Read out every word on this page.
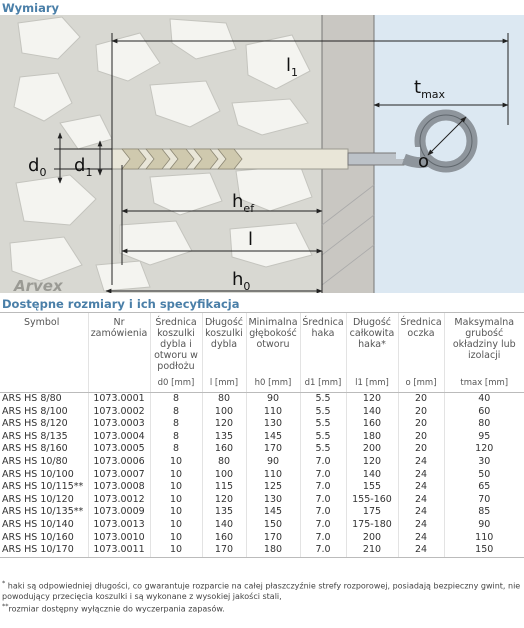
Wymiary
$l_1$
$t_{max}$
$d_0$ $d_1$
o
$h_{ef}$
l
$h_0$
Arvex
Dostępne rozmiary i ich specyfikacja
Symbol	Nr zamówienia	Średnica koszulki dybla i otworu w podłożu	Długość koszulki dybla	Minimalna głębokość otworu	Średnica haka	Długość całkowita haka*	Średnica oczka	Maksymalna grubość okładziny lub izolacji
		d0 [mm]	l [mm]	h0 [mm]	d1 [mm]	l1 [mm]	o [mm]	tmax [mm]
ARS HS 8/80	1073.0001	8	80	90	5.5	120	20	40
ARS HS 8/100	1073.0002	8	100	110	5.5	140	20	60
ARS HS 8/120	1073.0003	8	120	130	5.5	160	20	80
ARS HS 8/135	1073.0004	8	135	145	5.5	180	20	95
ARS HS 8/160	1073.0005	8	160	170	5.5	200	20	120
ARS HS 10/80	1073.0006	10	80	90	7.0	120	24	30
ARS HS 10/100	1073.0007	10	100	110	7.0	140	24	50
ARS HS 10/115**	1073.0008	10	115	125	7.0	155	24	65
ARS HS 10/120	1073.0012	10	120	130	7.0	155-160	24	70
ARS HS 10/135**	1073.0009	10	135	145	7.0	175	24	85
ARS HS 10/140	1073.0013	10	140	150	7.0	175-180	24	90
ARS HS 10/160	1073.0010	10	160	170	7.0	200	24	110
ARS HS 10/170	1073.0011	10	170	180	7.0	210	24	150
* haki są odpowiedniej długości, co gwarantuje rozparcie na całej płaszczyźnie strefy rozporowej, posiadają bezpieczny gwint, nie powodujący przecięcia koszulki i są wykonane z wysokiej jakości stali,
**rozmiar dostępny wyłącznie do wyczerpania zapasów.
